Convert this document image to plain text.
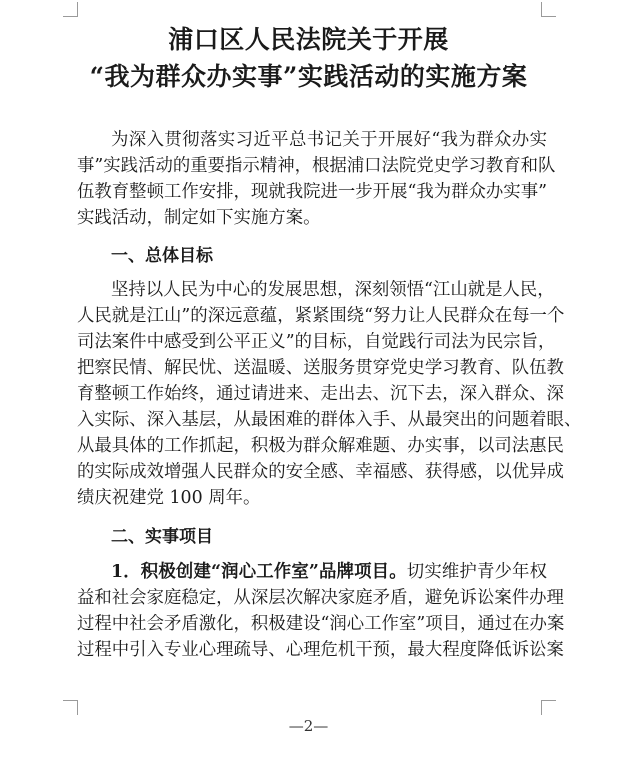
浦口区人民法院关于开展
“我为群众办实事”实践活动的实施方案
为深入贯彻落实习近平总书记关于开展好“我为群众办实
事”实践活动的重要指示精神，根据浦口法院党史学习教育和队
伍教育整顿工作安排，现就我院进一步开展“我为群众办实事”
实践活动，制定如下实施方案。
一、总体目标
坚持以人民为中心的发展思想，深刻领悟“江山就是人民，
人民就是江山”的深远意蕴，紧紧围绕“努力让人民群众在每一个
司法案件中感受到公平正义”的目标，自觉践行司法为民宗旨，
把察民情、解民忧、送温暖、送服务贯穿党史学习教育、队伍教
育整顿工作始终，通过请进来、走出去、沉下去，深入群众、深
入实际、深入基层，从最困难的群体入手、从最突出的问题着眼、
从最具体的工作抓起，积极为群众解难题、办实事，以司法惠民
的实际成效增强人民群众的安全感、幸福感、获得感，以优异成
绩庆祝建党 100 周年。
二、实事项目
1．积极创建“润心工作室”品牌项目。切实维护青少年权
益和社会家庭稳定，从深层次解决家庭矛盾，避免诉讼案件办理
过程中社会矛盾激化，积极建设“润心工作室”项目，通过在办案
过程中引入专业心理疏导、心理危机干预，最大程度降低诉讼案
—2—
